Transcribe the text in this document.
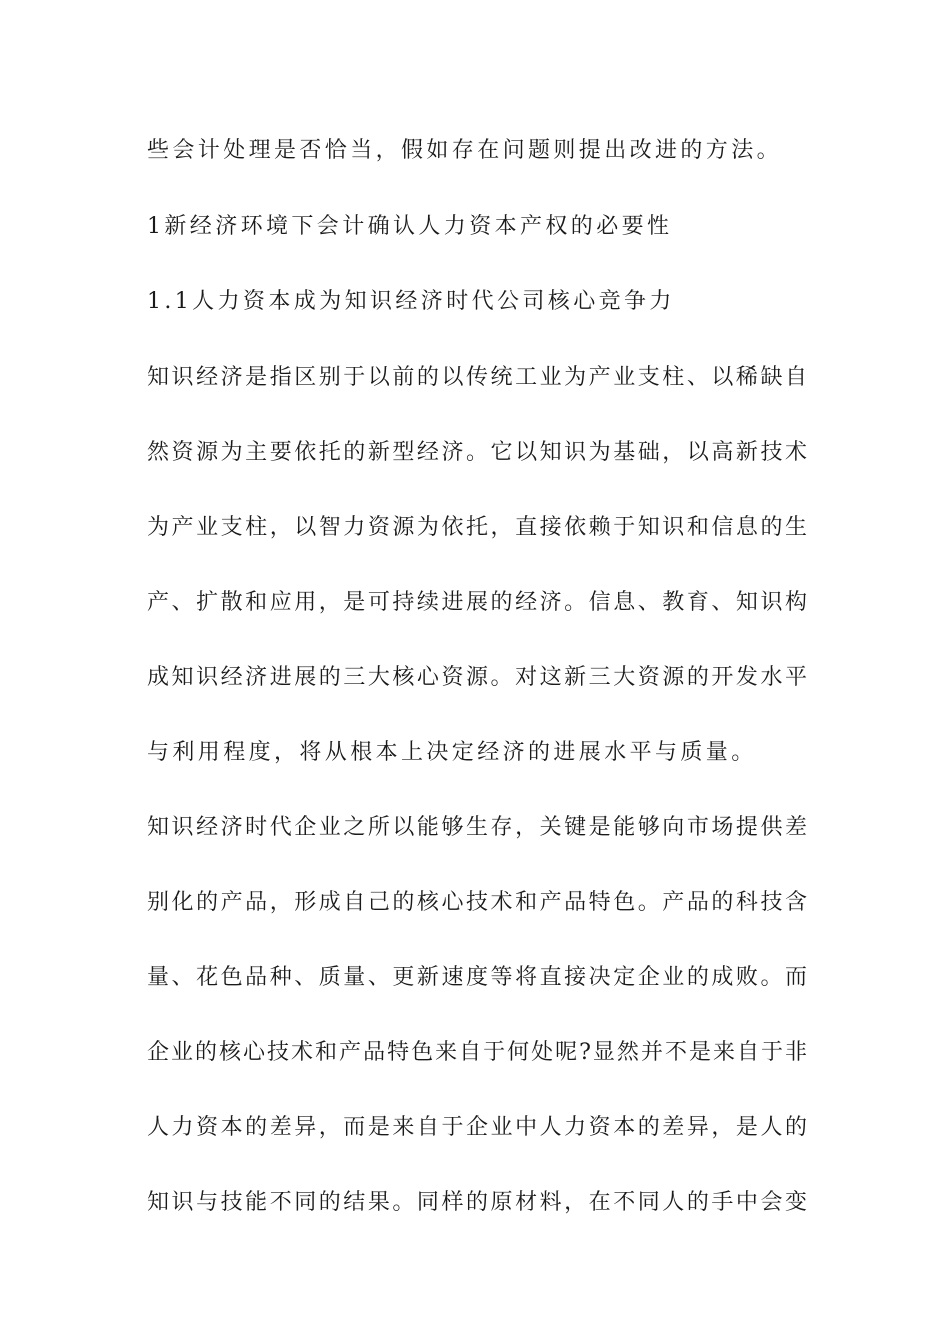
些会计处理是否恰当，假如存在问题则提出改进的方法。
1新经济环境下会计确认人力资本产权的必要性
1.1人力资本成为知识经济时代公司核心竞争力
知识经济是指区别于以前的以传统工业为产业支柱、以稀缺自
然资源为主要依托的新型经济。它以知识为基础，以高新技术
为产业支柱，以智力资源为依托，直接依赖于知识和信息的生
产、扩散和应用，是可持续进展的经济。信息、教育、知识构
成知识经济进展的三大核心资源。对这新三大资源的开发水平
与利用程度，将从根本上决定经济的进展水平与质量。
知识经济时代企业之所以能够生存，关键是能够向市场提供差
别化的产品，形成自己的核心技术和产品特色。产品的科技含
量、花色品种、质量、更新速度等将直接决定企业的成败。而
企业的核心技术和产品特色来自于何处呢?显然并不是来自于非
人力资本的差异，而是来自于企业中人力资本的差异，是人的
知识与技能不同的结果。同样的原材料，在不同人的手中会变
